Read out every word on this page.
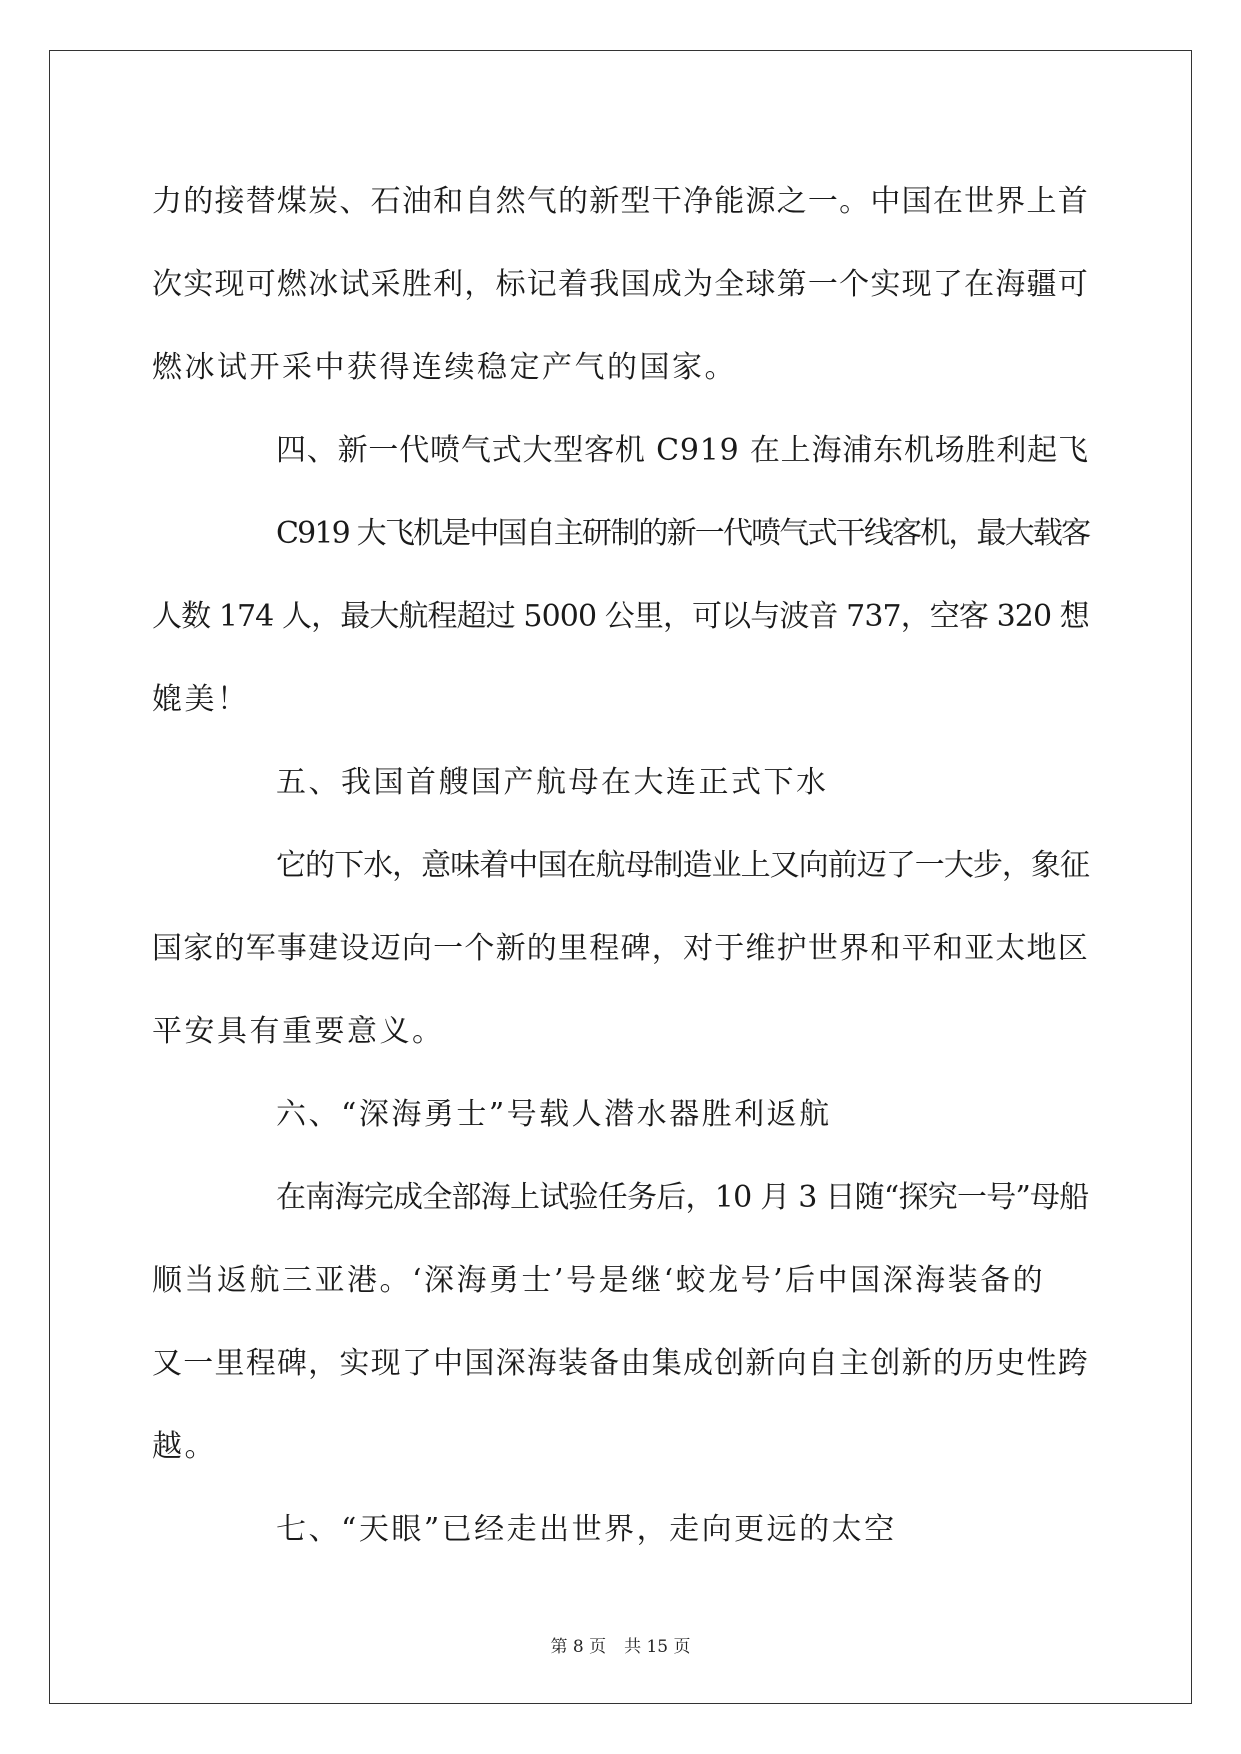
力的接替煤炭、石油和自然气的新型干净能源之一。中国在世界上首
次实现可燃冰试采胜利，标记着我国成为全球第一个实现了在海疆可
燃冰试开采中获得连续稳定产气的国家。
四、新一代喷气式大型客机 C919 在上海浦东机场胜利起飞
C919 大飞机是中国自主研制的新一代喷气式干线客机，最大载客
人数 174 人，最大航程超过 5000 公里，可以与波音 737，空客 320 想
媲美！
五、我国首艘国产航母在大连正式下水
它的下水，意味着中国在航母制造业上又向前迈了一大步，象征
国家的军事建设迈向一个新的里程碑，对于维护世界和平和亚太地区
平安具有重要意义。
六、“深海勇士”号载人潜水器胜利返航
在南海完成全部海上试验任务后，10 月 3 日随“探究一号”母船
顺当返航三亚港。‘深海勇士’号是继‘蛟龙号’后中国深海装备的
又一里程碑，实现了中国深海装备由集成创新向自主创新的历史性跨
越。
七、“天眼”已经走出世界，走向更远的太空
第 8 页 共 15 页
